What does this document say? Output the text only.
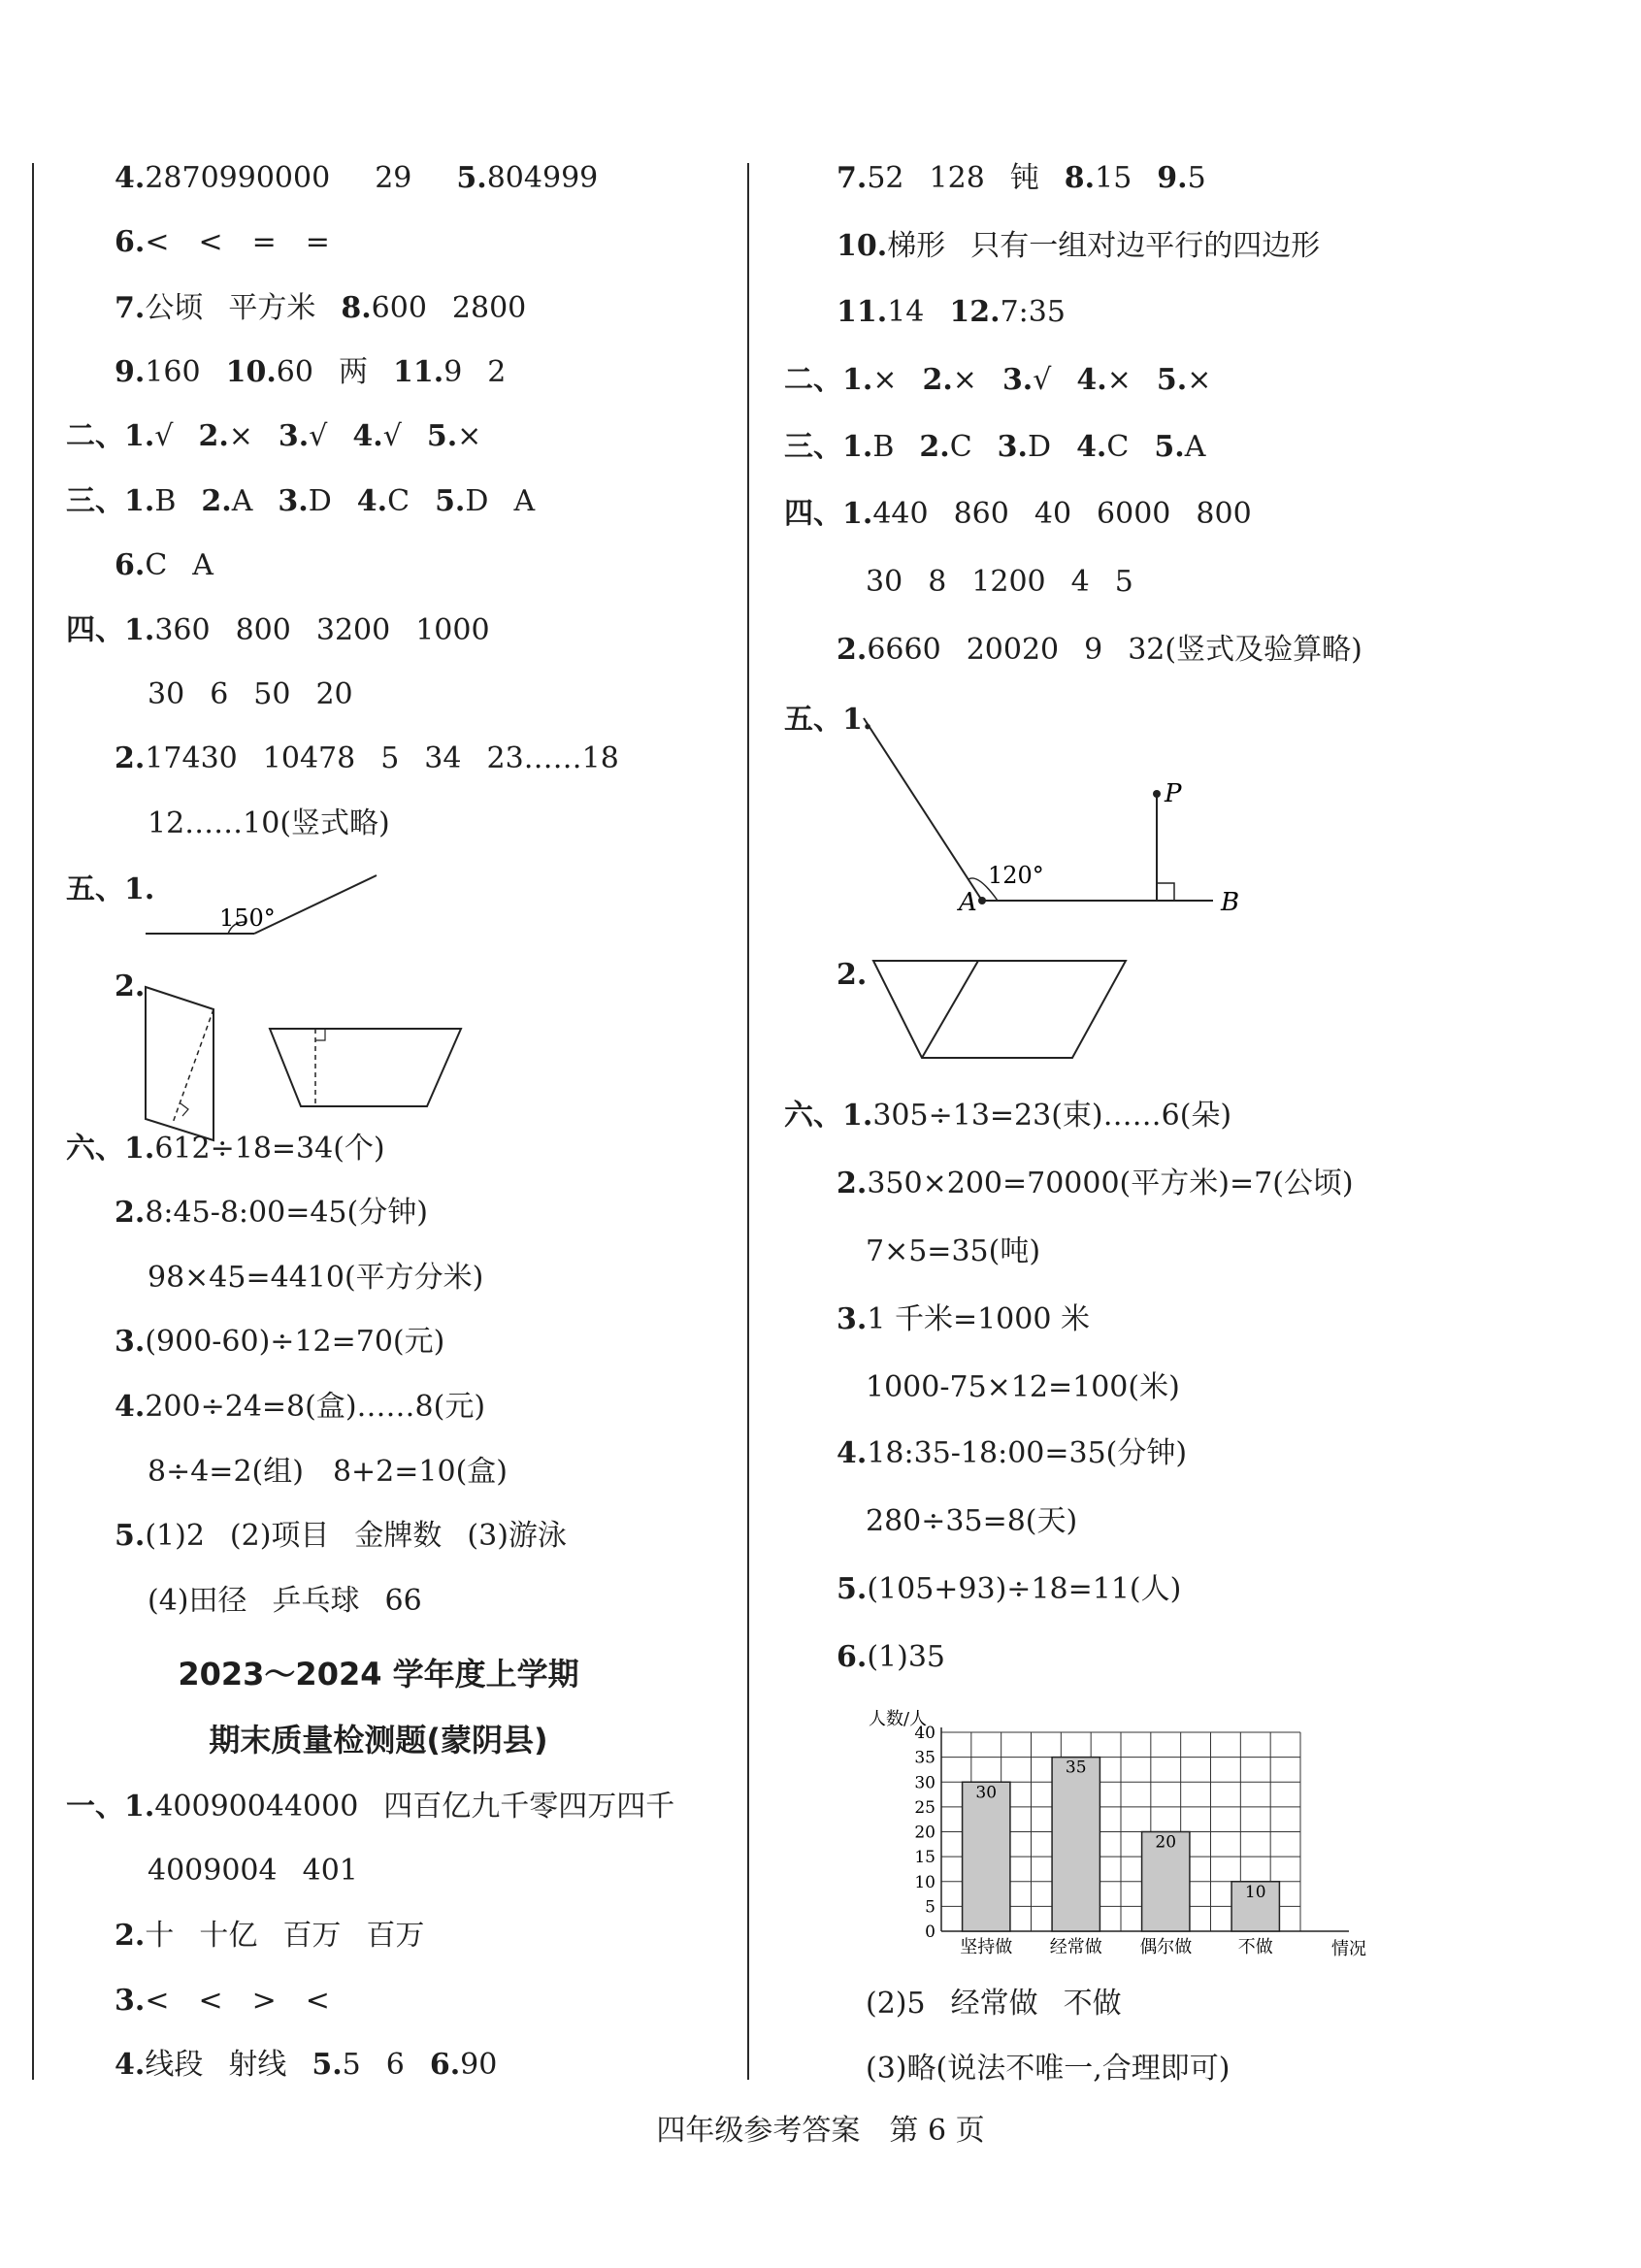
4.2870990000 29 5.804999
6.<　<　=　=
7.公顷 平方米 8.600 2800
9.160 10.60 两 11.9 2
二、1.√ 2.× 3.√ 4.√ 5.×
三、1.B 2.A 3.D 4.C 5.D A
6.C A
四、1.360 800 3200 1000
30 6 50 20
2.17430 10478 5 34 23……18
12……10(竖式略)
五、1.
150°
2.
六、1.612÷18=34(个)
2.8:45-8:00=45(分钟)
98×45=4410(平方分米)
3.(900-60)÷12=70(元)
4.200÷24=8(盒)……8(元)
8÷4=2(组)　8+2=10(盒)
5.(1)2 (2)项目 金牌数 (3)游泳
(4)田径 乒乓球 66
2023～2024 学年度上学期
期末质量检测题(蒙阴县)
一、1.40090044000 四百亿九千零四万四千
4009004 401
2.十 十亿 百万 百万
3.<　<　>　<
4.线段 射线 5.5 6 6.90
7.52 128 钝 8.15 9.5
10.梯形 只有一组对边平行的四边形
11.14 12.7:35
二、1.× 2.× 3.√ 4.× 5.×
三、1.B 2.C 3.D 4.C 5.A
四、1.440 860 40 6000 800
30 8 1200 4 5
2.6660 20020 9 32(竖式及验算略)
五、1.
120°
P
A	B
2.
六、1.305÷13=23(束)……6(朵)
2.350×200=70000(平方米)=7(公顷)
7×5=35(吨)
3.1 千米=1000 米
1000-75×12=100(米)
4.18:35-18:00=35(分钟)
280÷35=8(天)
5.(105+93)÷18=11(人)
6.(1)35
0
5
10
15
20
25
30
35
40
人数/人
情况
30
坚持做
35
经常做
20
偶尔做
10
不做
(2)5 经常做 不做
(3)略(说法不唯一,合理即可)
四年级参考答案　第 6 页
